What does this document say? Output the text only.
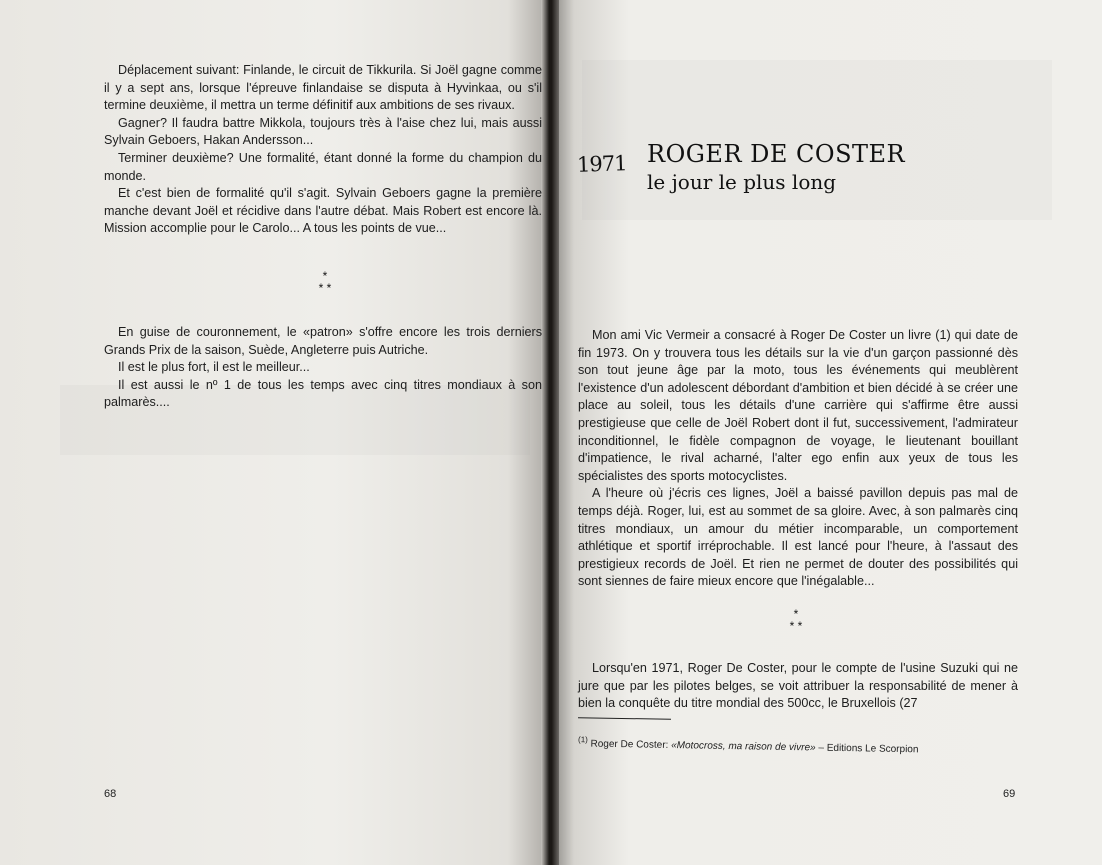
Déplacement suivant: Finlande, le circuit de Tikkurila. Si Joël gagne comme il y a sept ans, lorsque l'épreuve finlandaise se disputa à Hyvinkaa, ou s'il termine deuxième, il mettra un terme définitif aux ambitions de ses rivaux.

Gagner? Il faudra battre Mikkola, toujours très à l'aise chez lui, mais aussi Sylvain Geboers, Hakan Andersson...

Terminer deuxième? Une formalité, étant donné la forme du champion du monde.

Et c'est bien de formalité qu'il s'agit. Sylvain Geboers gagne la première manche devant Joël et récidive dans l'autre débat. Mais Robert est encore là. Mission accomplie pour le Carolo... A tous les points de vue...

*
* *

En guise de couronnement, le «patron» s'offre encore les trois derniers Grands Prix de la saison, Suède, Angleterre puis Autriche.

Il est le plus fort, il est le meilleur...

Il est aussi le nº 1 de tous les temps avec cinq titres mondiaux à son palmarès....

68
1971 ROGER DE COSTER
le jour le plus long

Mon ami Vic Vermeir a consacré à Roger De Coster un livre (1) qui date de fin 1973. On y trouvera tous les détails sur la vie d'un garçon passionné dès son tout jeune âge par la moto, tous les événements qui meublèrent l'existence d'un adolescent débordant d'ambition et bien décidé à se créer une place au soleil, tous les détails d'une carrière qui s'affirme être aussi prestigieuse que celle de Joël Robert dont il fut, successivement, l'admirateur inconditionnel, le fidèle compagnon de voyage, le lieutenant bouillant d'impatience, le rival acharné, l'alter ego enfin aux yeux de tous les spécialistes des sports motocyclistes.

A l'heure où j'écris ces lignes, Joël a baissé pavillon depuis pas mal de temps déjà. Roger, lui, est au sommet de sa gloire. Avec, à son palmarès cinq titres mondiaux, un amour du métier incomparable, un comportement athlétique et sportif irréprochable. Il est lancé pour l'heure, à l'assaut des prestigieux records de Joël. Et rien ne permet de douter des possibilités qui sont siennes de faire mieux encore que l'inégalable...

*
* *

Lorsqu'en 1971, Roger De Coster, pour le compte de l'usine Suzuki qui ne jure que par les pilotes belges, se voit attribuer la responsabilité de mener à bien la conquête du titre mondial des 500cc, le Bruxellois (27

$^{(1)}$ Roger De Coster: «Motocross, ma raison de vivre» – Editions Le Scorpion
69
